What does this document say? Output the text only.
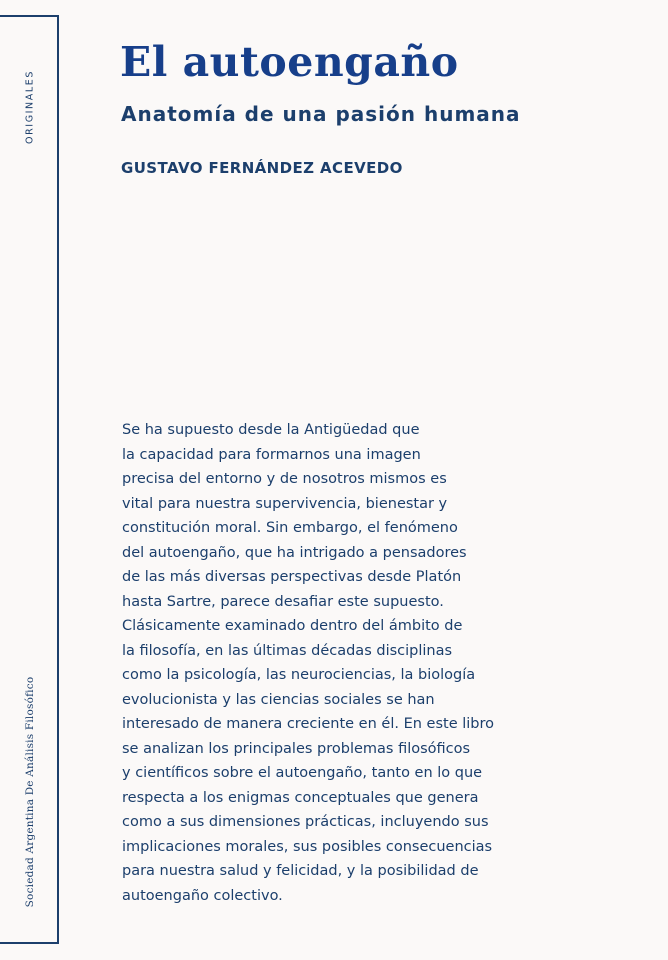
ORIGINALES
Sociedad Argentina De Análisis Filosófico
El autoengaño
Anatomía de una pasión humana

GUSTAVO FERNÁNDEZ ACEVEDO

Se ha supuesto desde la Antigüedad que
la capacidad para formarnos una imagen
precisa del entorno y de nosotros mismos es
vital para nuestra supervivencia, bienestar y
constitución moral. Sin embargo, el fenómeno
del autoengaño, que ha intrigado a pensadores
de las más diversas perspectivas desde Platón
hasta Sartre, parece desafiar este supuesto.
Clásicamente examinado dentro del ámbito de
la filosofía, en las últimas décadas disciplinas
como la psicología, las neurociencias, la biología
evolucionista y las ciencias sociales se han
interesado de manera creciente en él. En este libro
se analizan los principales problemas filosóficos
y científicos sobre el autoengaño, tanto en lo que
respecta a los enigmas conceptuales que genera
como a sus dimensiones prácticas, incluyendo sus
implicaciones morales, sus posibles consecuencias
para nuestra salud y felicidad, y la posibilidad de
autoengaño colectivo.
